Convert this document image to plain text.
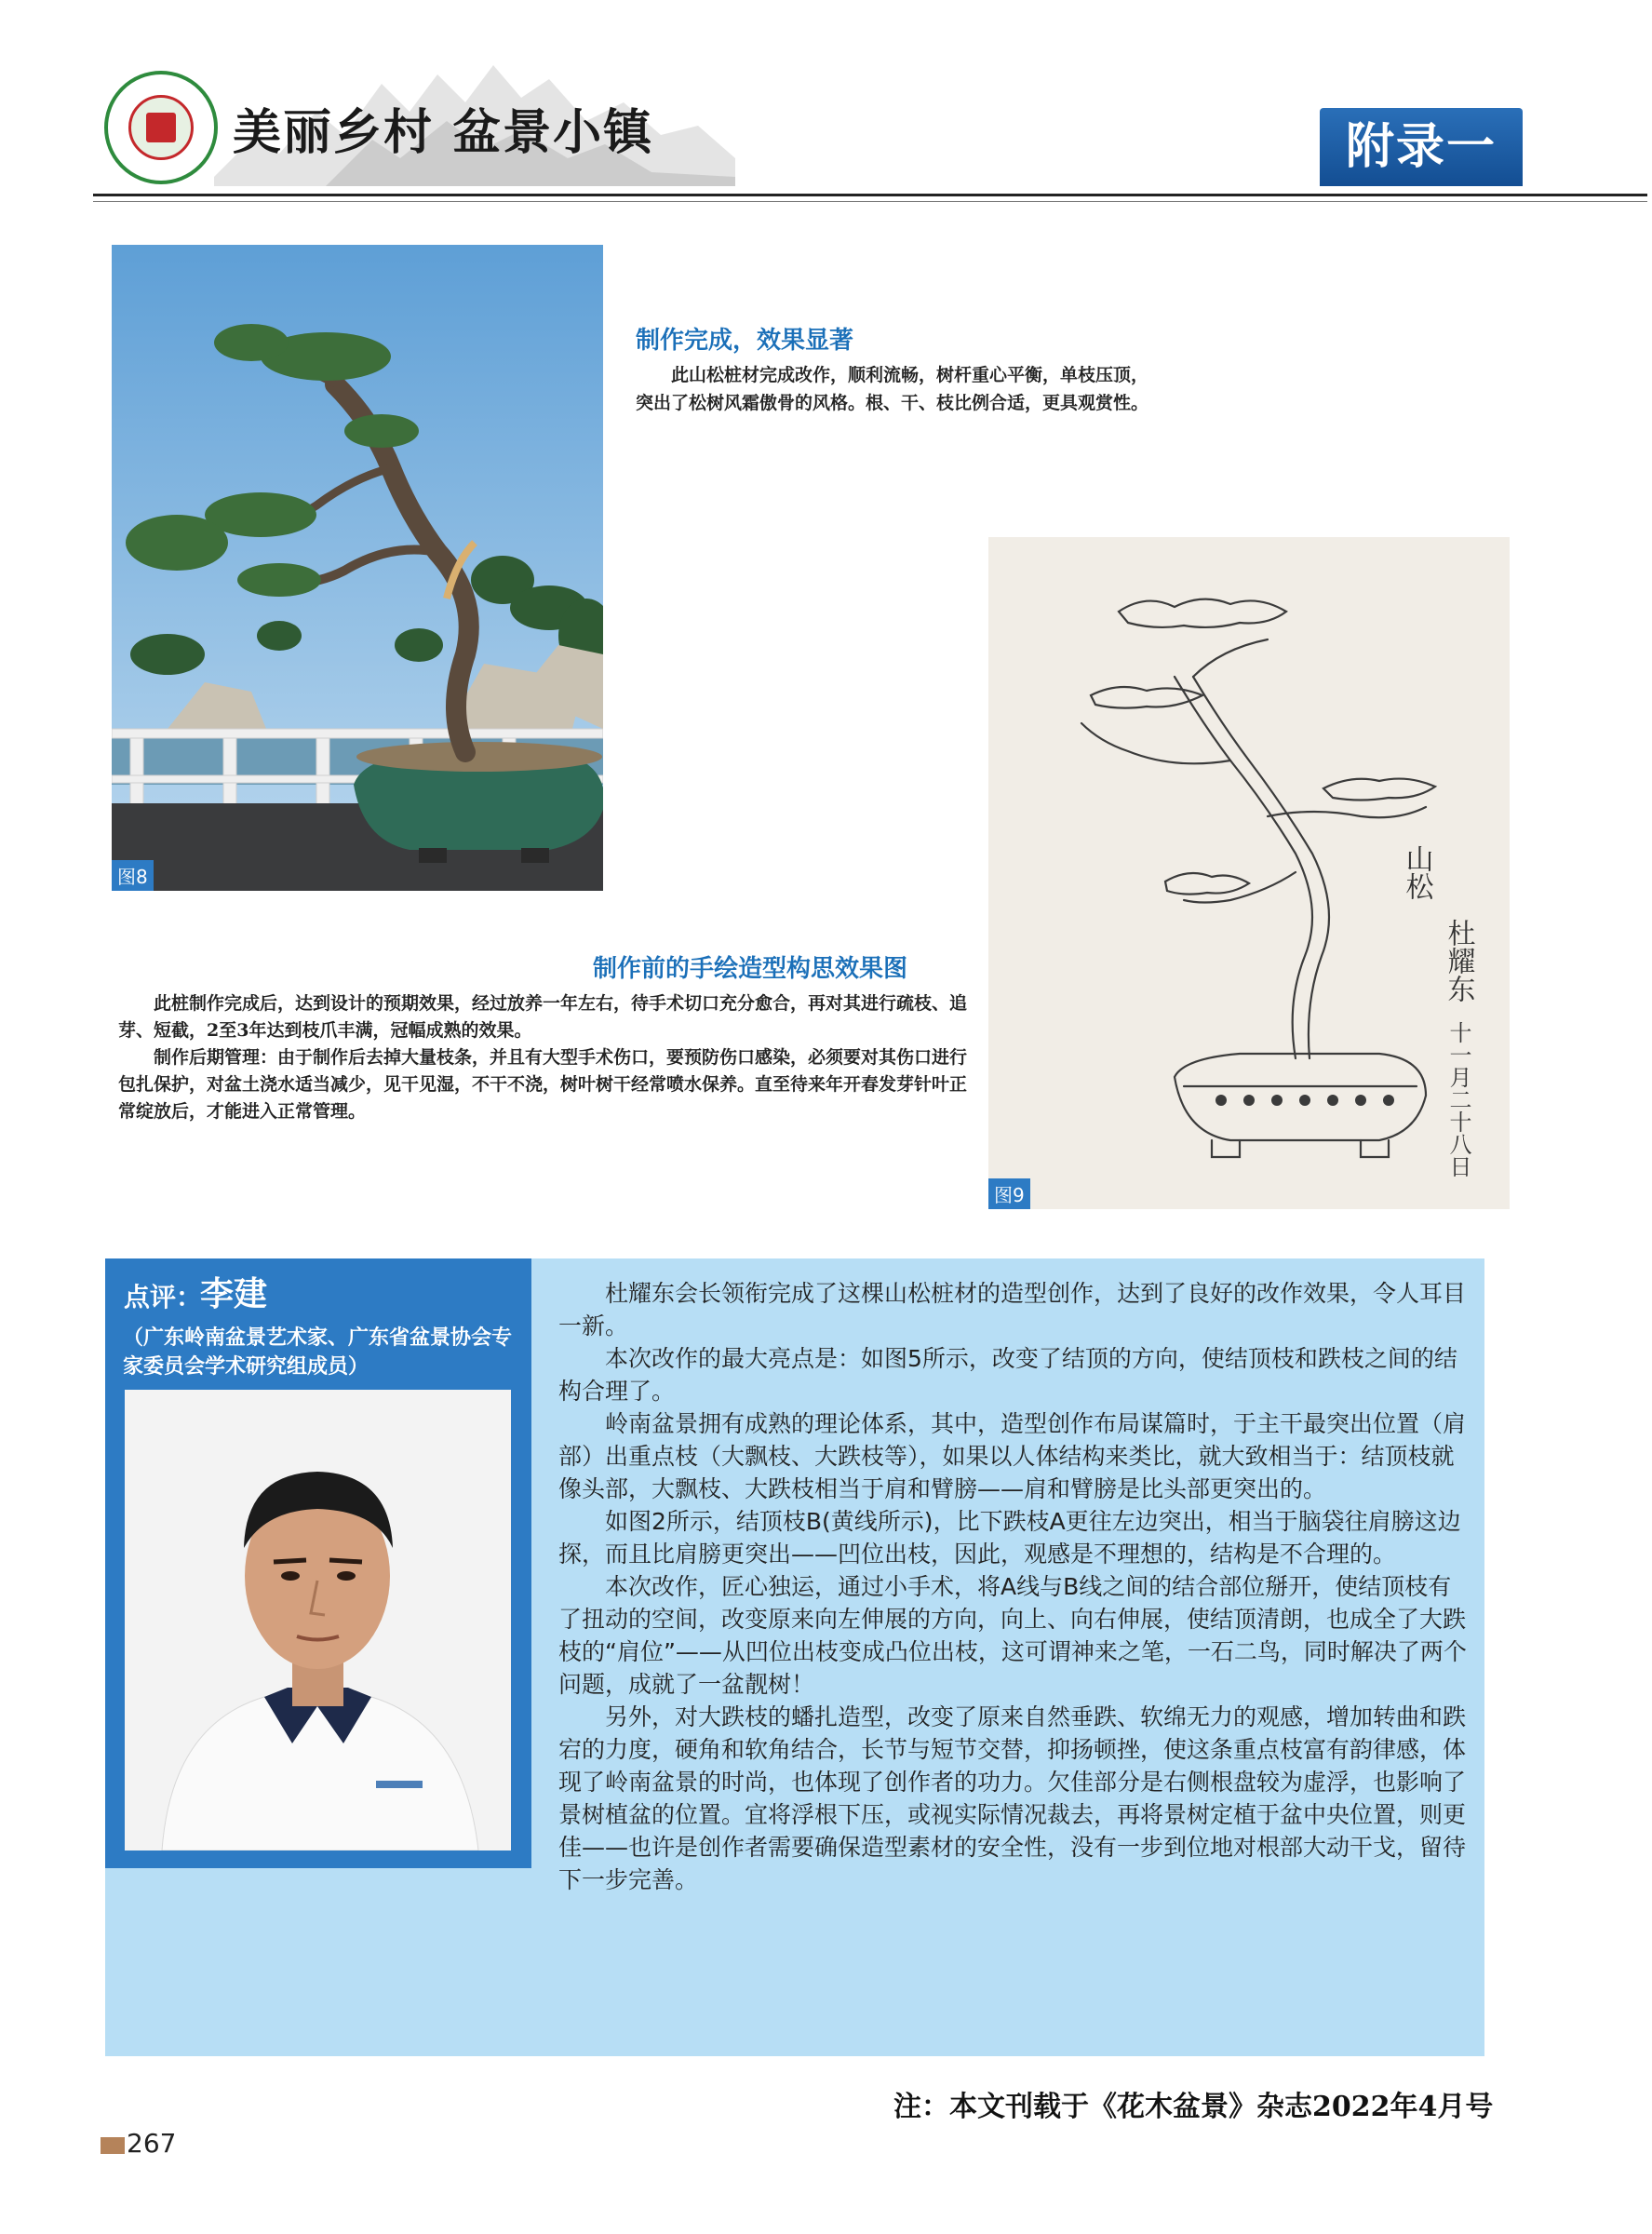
美丽乡村 盆景小镇	附录一
图8
制作完成，效果显著
此山松桩材完成改作，顺利流畅，树杆重心平衡，单枝压顶，突出了松树风霜傲骨的风格。根、干、枝比例合适，更具观赏性。
山松
杜耀东
十一月二十八日
图9
制作前的手绘造型构思效果图

此桩制作完成后，达到设计的预期效果，经过放养一年左右，待手术切口充分愈合，再对其进行疏枝、追芽、短截，2至3年达到枝爪丰满，冠幅成熟的效果。

制作后期管理：由于制作后去掉大量枝条，并且有大型手术伤口，要预防伤口感染，必须要对其伤口进行包扎保护，对盆土浇水适当减少，见干见湿，不干不浇，树叶树干经常喷水保养。直至待来年开春发芽针叶正常绽放后，才能进入正常管理。

点评：
李建
（广东岭南盆景艺术家、广东省盆景协会专家委员会学术研究组成员）

杜耀东会长领衔完成了这棵山松桩材的造型创作，达到了良好的改作效果，令人耳目一新。

本次改作的最大亮点是：如图5所示，改变了结顶的方向，使结顶枝和跌枝之间的结构合理了。

岭南盆景拥有成熟的理论体系，其中，造型创作布局谋篇时，于主干最突出位置（肩部）出重点枝（大飘枝、大跌枝等），如果以人体结构来类比，就大致相当于：结顶枝就像头部，大飘枝、大跌枝相当于肩和臂膀——肩和臂膀是比头部更突出的。

如图2所示，结顶枝B(黄线所示)，比下跌枝A更往左边突出，相当于脑袋往肩膀这边探，而且比肩膀更突出——凹位出枝，因此，观感是不理想的，结构是不合理的。

本次改作，匠心独运，通过小手术，将A线与B线之间的结合部位掰开，使结顶枝有了扭动的空间，改变原来向左伸展的方向，向上、向右伸展，使结顶清朗，也成全了大跌枝的“肩位”——从凹位出枝变成凸位出枝，这可谓神来之笔，一石二鸟，同时解决了两个问题，成就了一盆靓树！

另外，对大跌枝的蟠扎造型，改变了原来自然垂跌、软绵无力的观感，增加转曲和跌宕的力度，硬角和软角结合，长节与短节交替，抑扬顿挫，使这条重点枝富有韵律感，体现了岭南盆景的时尚，也体现了创作者的功力。欠佳部分是右侧根盘较为虚浮，也影响了景树植盆的位置。宜将浮根下压，或视实际情况裁去，再将景树定植于盆中央位置，则更佳——也许是创作者需要确保造型素材的安全性，没有一步到位地对根部大动干戈，留待下一步完善。

注：本文刊载于《花木盆景》杂志2022年4月号
267
